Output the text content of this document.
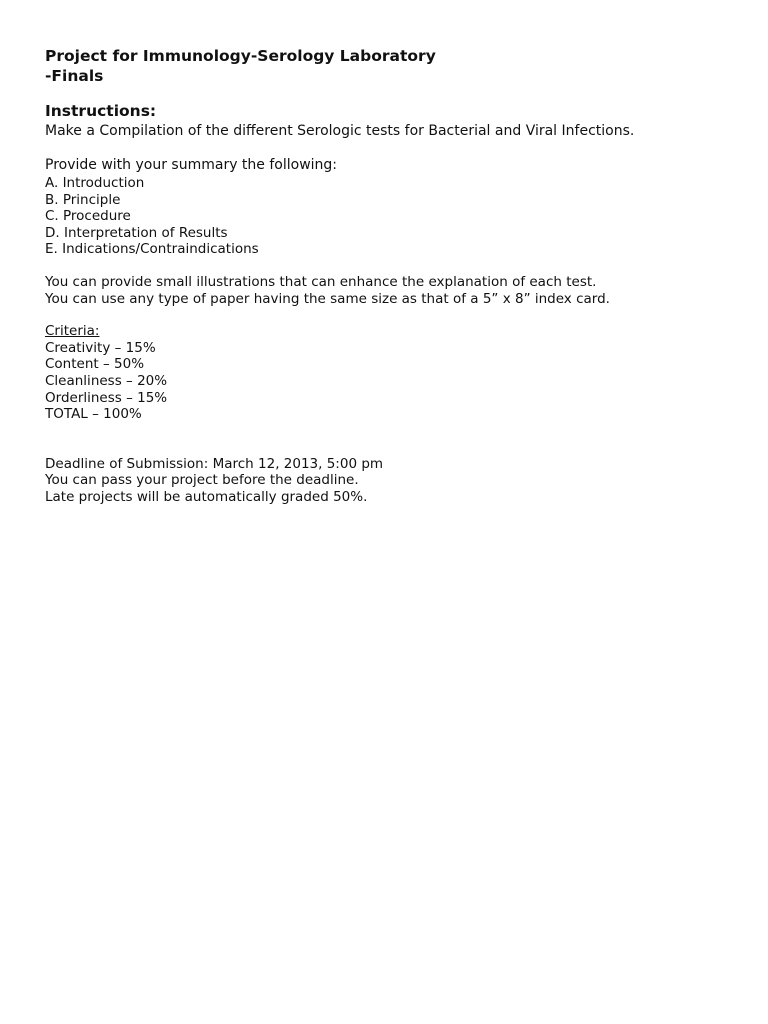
Project for Immunology-Serology Laboratory

-Finals

Instructions:

Make a Compilation of the different Serologic tests for Bacterial and Viral Infections.

Provide with your summary the following:

A. Introduction

B. Principle

C. Procedure

D. Interpretation of Results

E. Indications/Contraindications

You can provide small illustrations that can enhance the explanation of each test.

You can use any type of paper having the same size as that of a 5” x 8” index card.

Criteria:

Creativity – 15%

Content – 50%

Cleanliness – 20%

Orderliness – 15%

TOTAL – 100%

Deadline of Submission: March 12, 2013, 5:00 pm

You can pass your project before the deadline.

Late projects will be automatically graded 50%.
